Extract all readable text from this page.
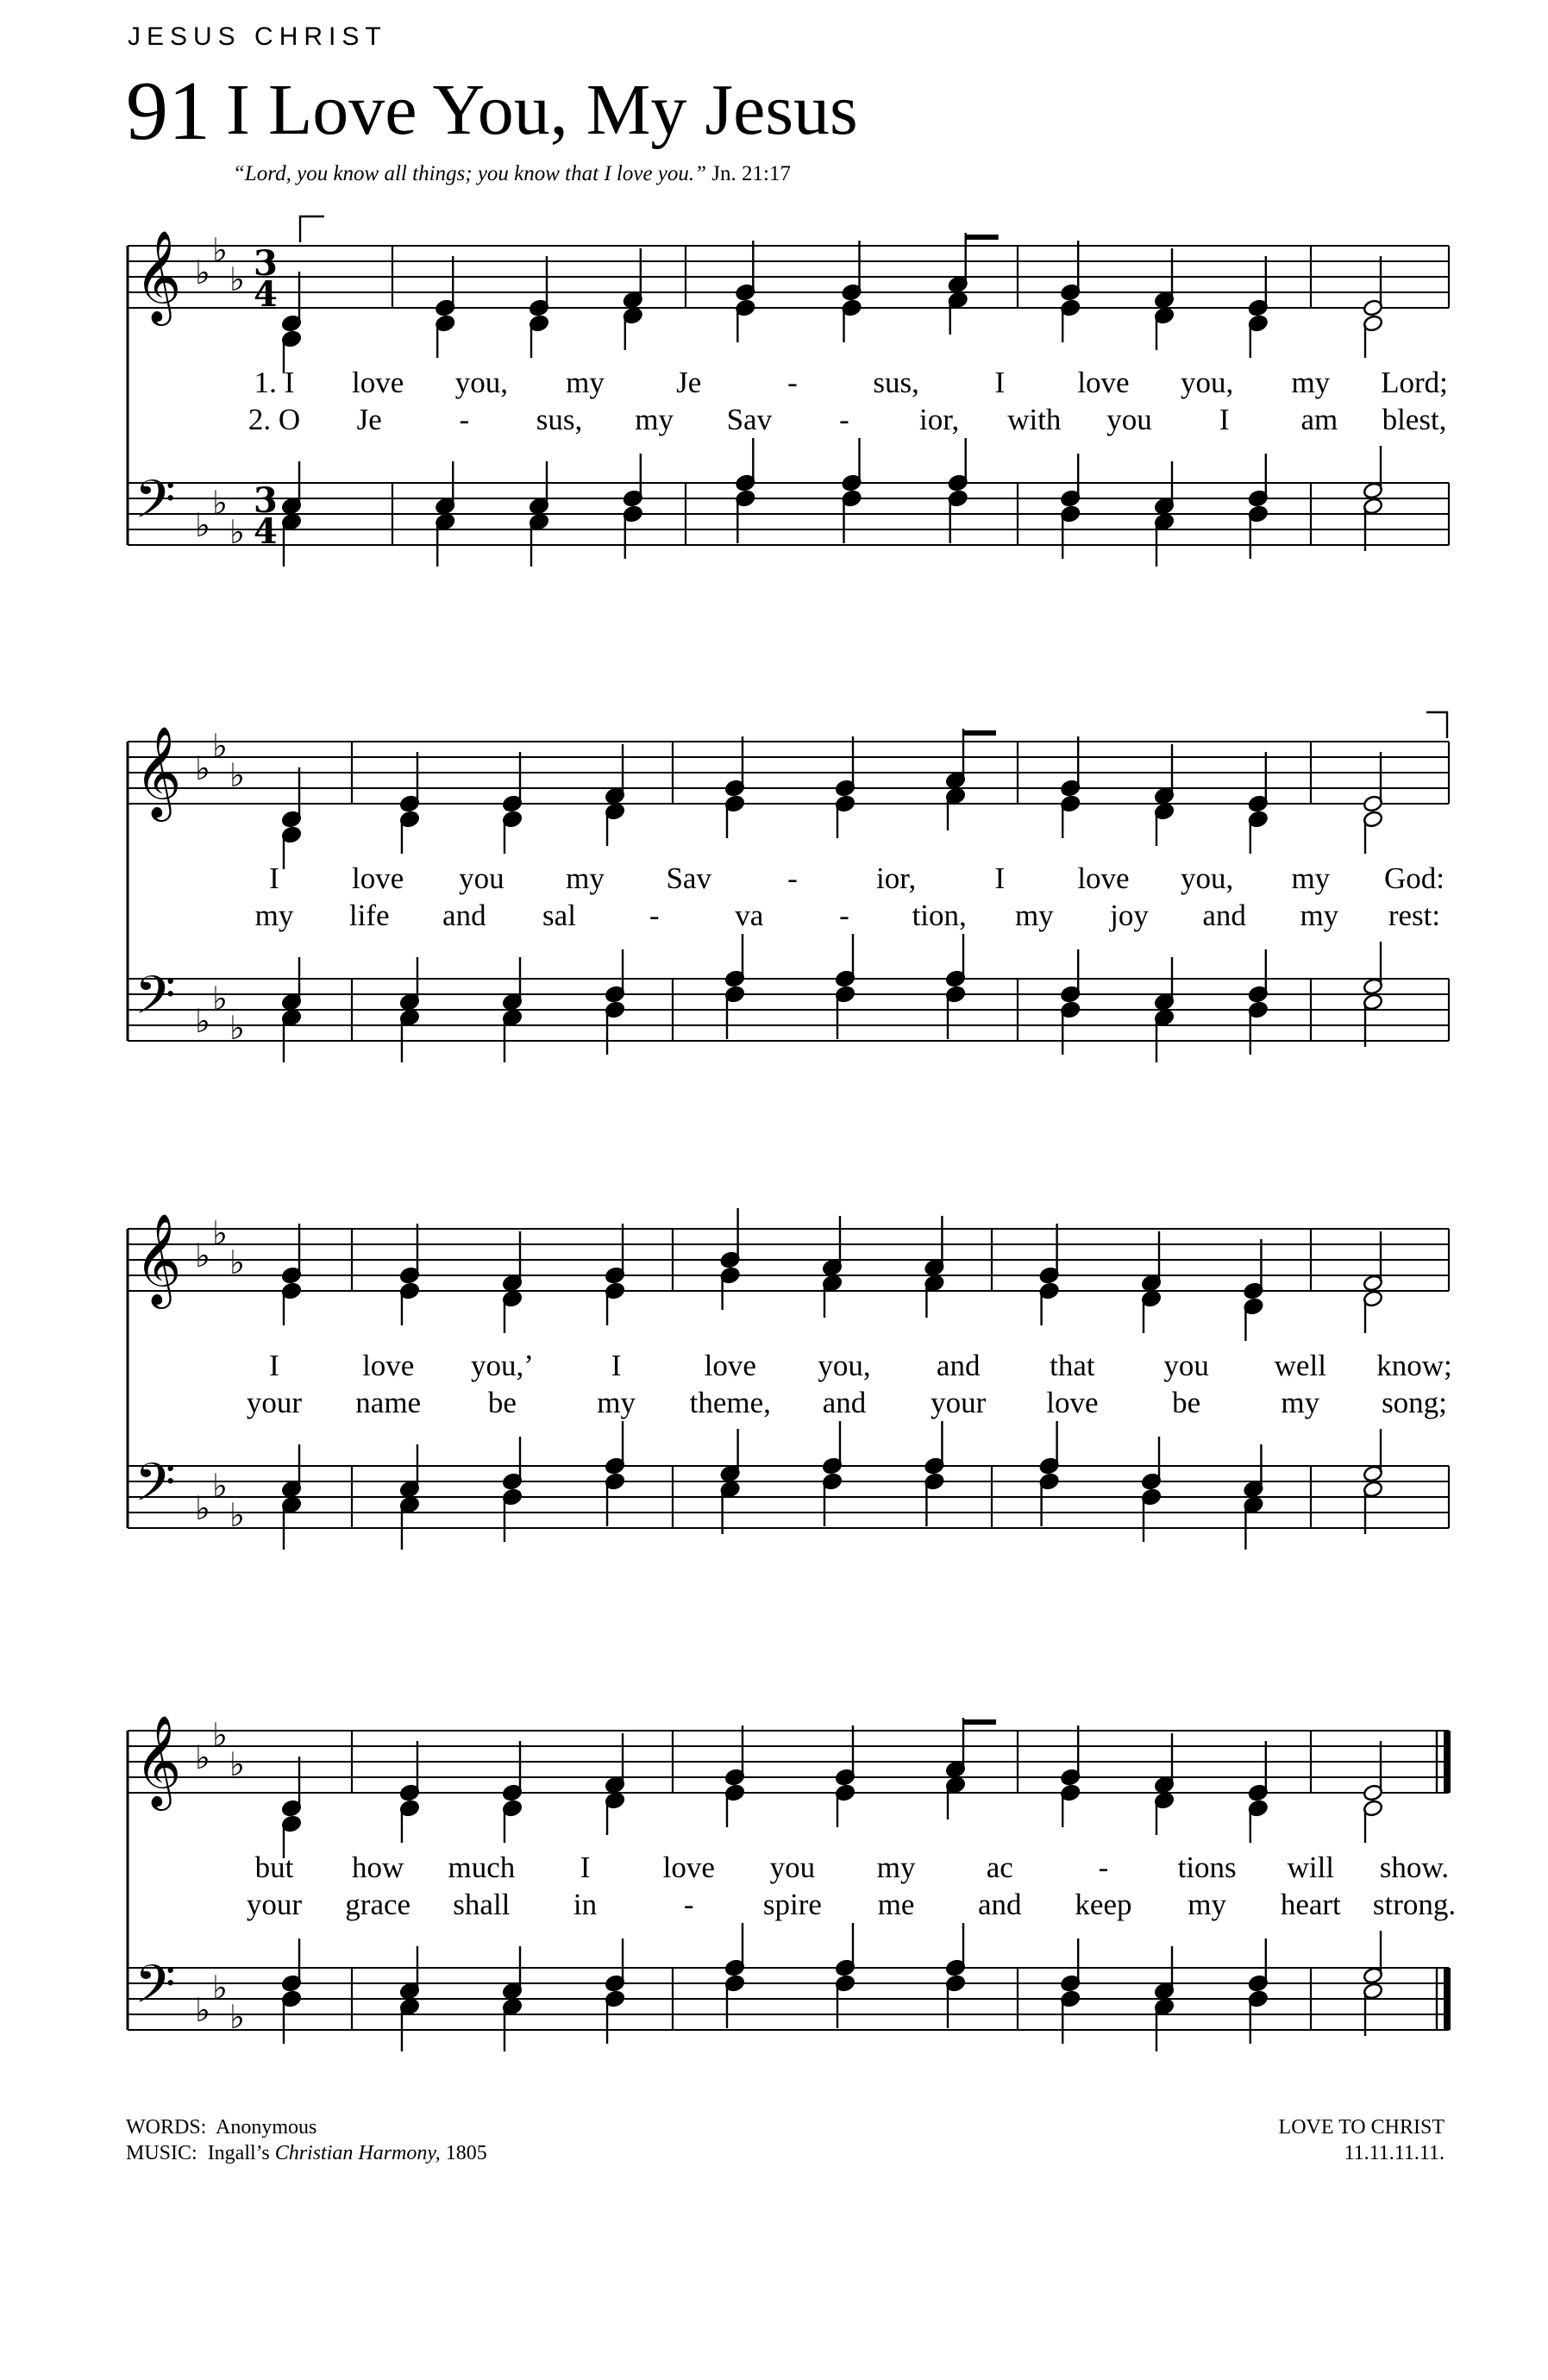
JESUS CHRIST
91 I Love You, My Jesus
“Lord, you know all things; you know that I love you.” Jn. 21:17
𝄞
𝄢
♭
♭
♭
♭
♭
♭
3
4
3
4
1. I love you, my Je	-	sus,	I love you, my Lord;
2. O Je	- sus, my Sav - ior, with you I am blest,
𝄞
𝄢
♭
♭
♭
♭
♭
♭
I love you my Sav	-	ior,	I love you, my God:
my life and sal -	va	- tion, my joy and my rest:
𝄞
𝄢
♭
♭
♭
♭
♭
♭
I	love you,’	I	love you, and that you well know;
your name be	my theme, and your love be	my song;
𝄞
𝄢
♭
♭
♭
♭
♭
♭
but how much I love you my ac	- tions will show.
your grace shall in	- spire me and keep my heart strong.
WORDS: Anonymous
MUSIC: Ingall’s Christian Harmony, 1805
LOVE TO CHRIST
11.11.11.11.
